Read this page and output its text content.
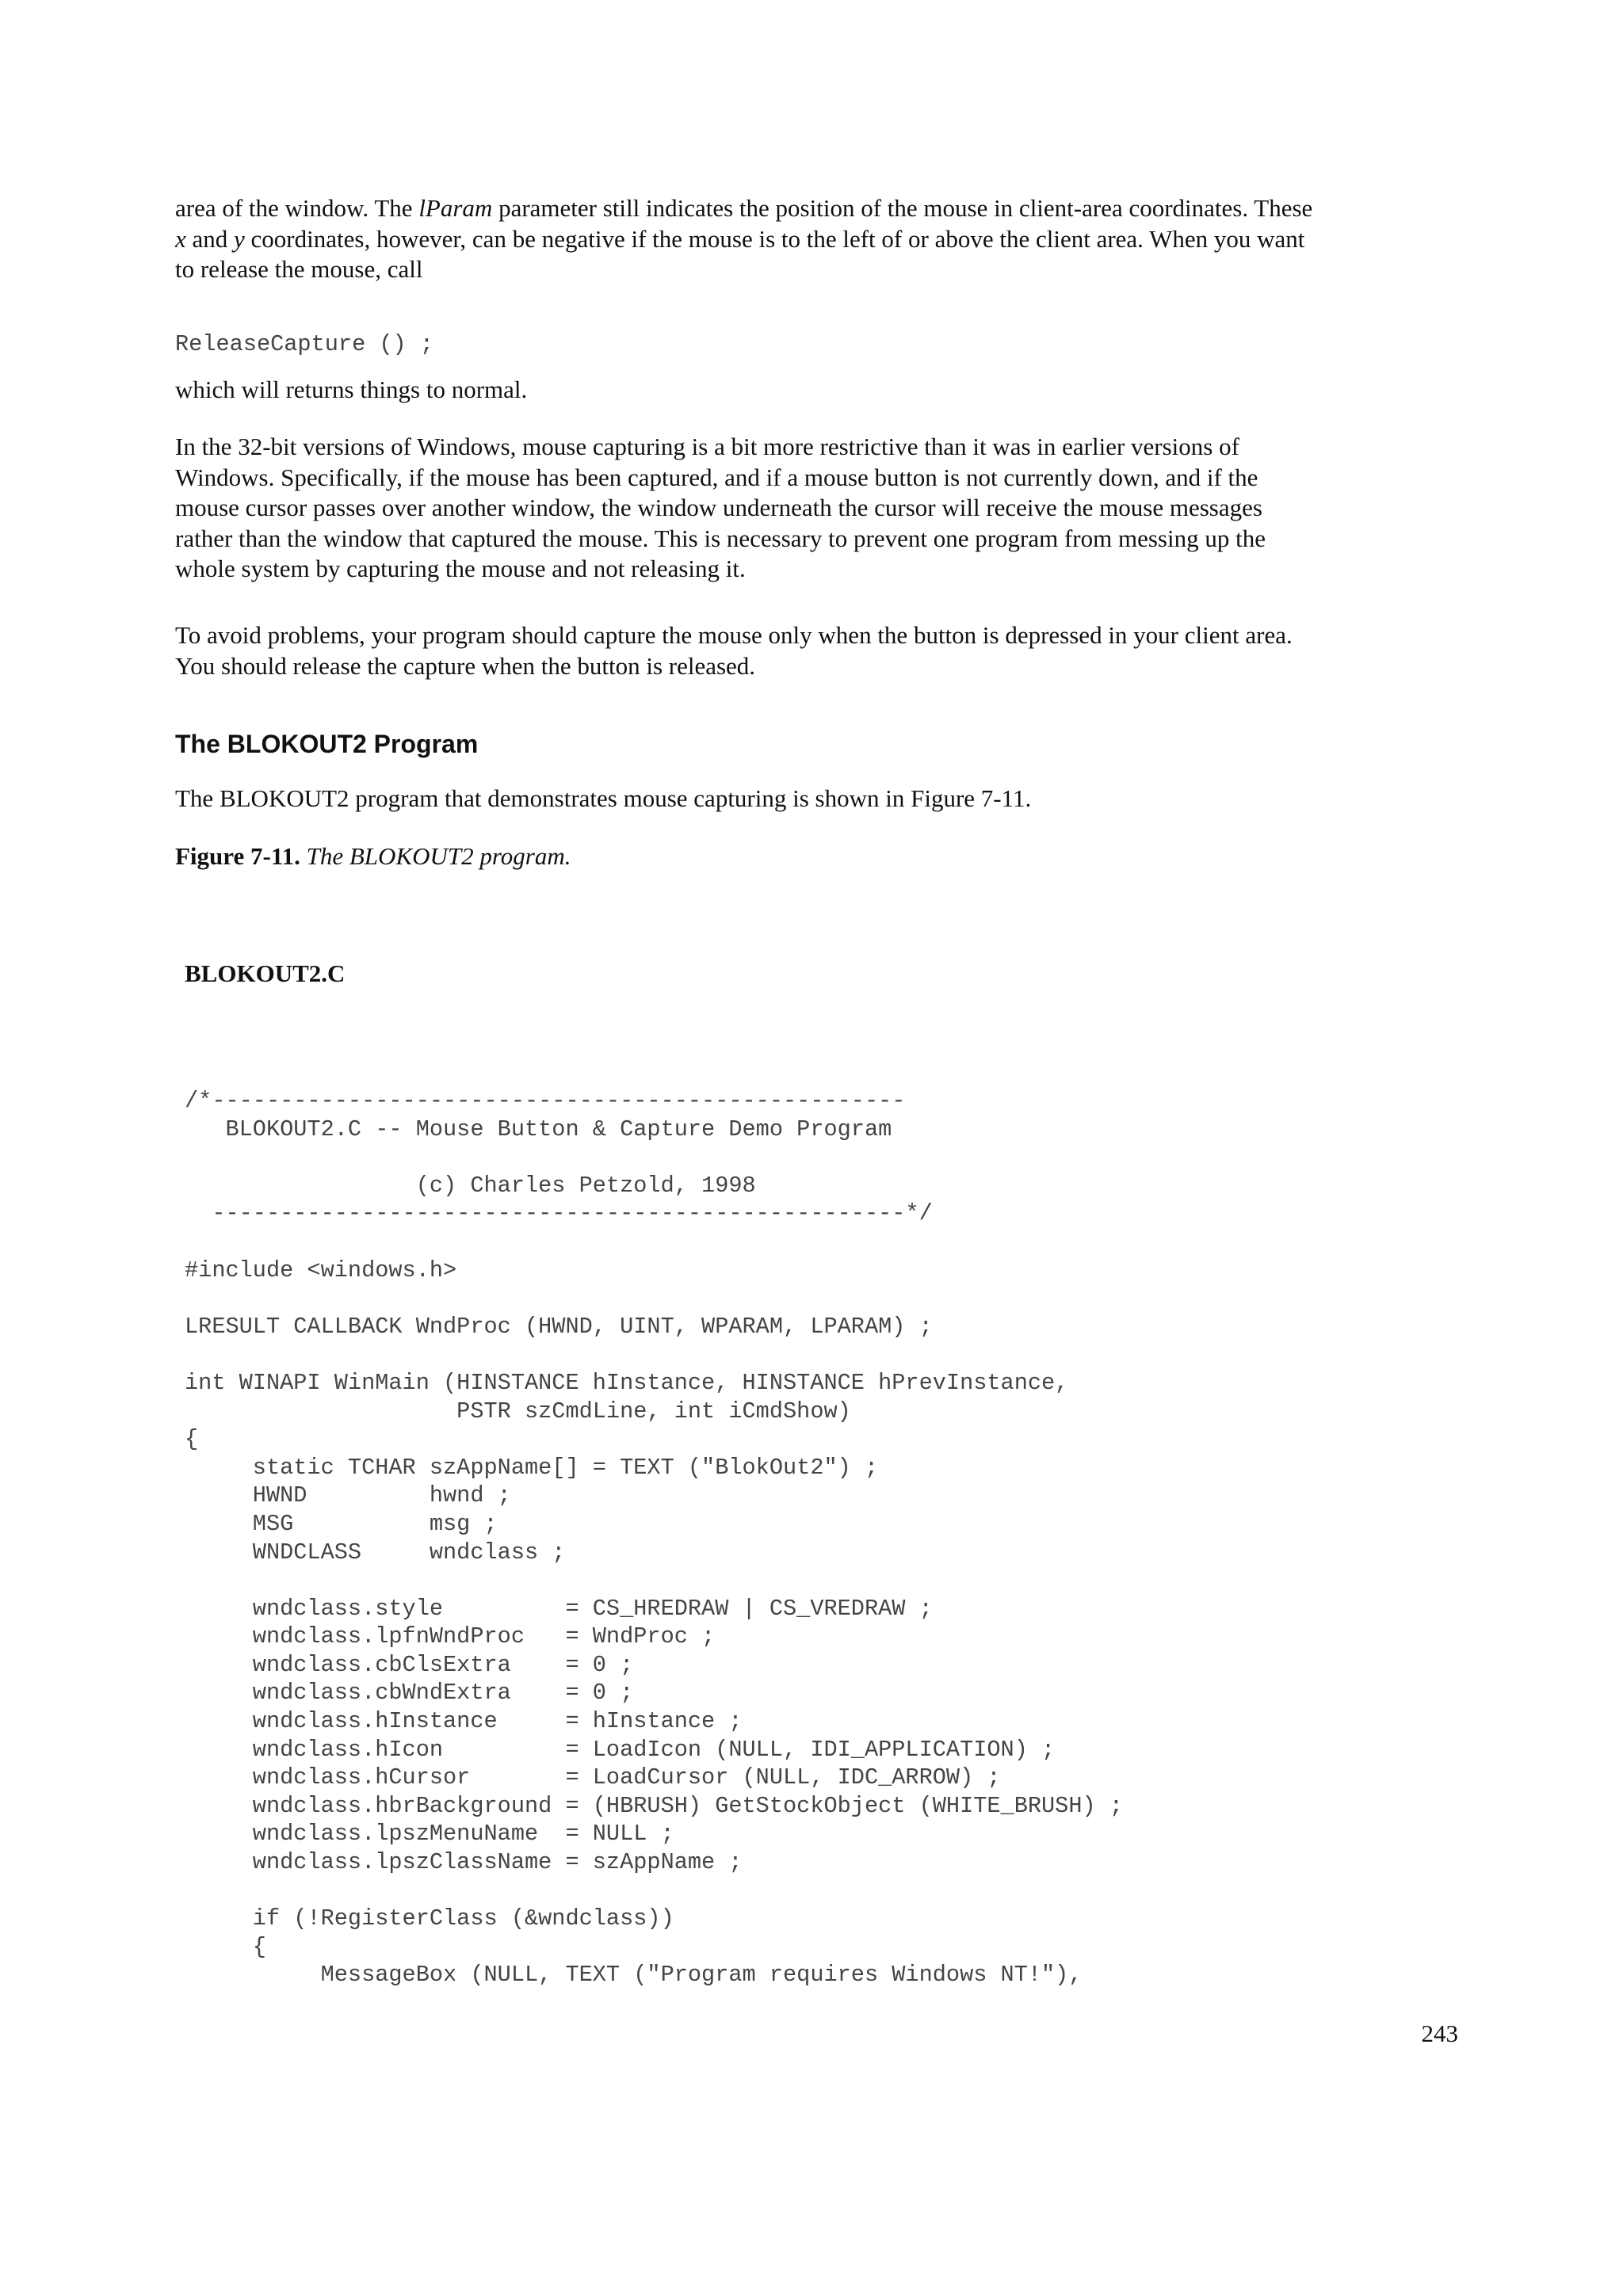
area of the window. The lParam parameter still indicates the position of the mouse in client-area coordinates. These
x and y coordinates, however, can be negative if the mouse is to the left of or above the client area. When you want
to release the mouse, call

ReleaseCapture () ;

which will returns things to normal.

In the 32-bit versions of Windows, mouse capturing is a bit more restrictive than it was in earlier versions of
Windows. Specifically, if the mouse has been captured, and if a mouse button is not currently down, and if the
mouse cursor passes over another window, the window underneath the cursor will receive the mouse messages
rather than the window that captured the mouse. This is necessary to prevent one program from messing up the
whole system by capturing the mouse and not releasing it.

To avoid problems, your program should capture the mouse only when the button is depressed in your client area.
You should release the capture when the button is released.

The BLOKOUT2 Program

The BLOKOUT2 program that demonstrates mouse capturing is shown in Figure 7-11.

Figure 7-11. The BLOKOUT2 program.

BLOKOUT2.C
/*---------------------------------------------------
BLOKOUT2.C -- Mouse Button & Capture Demo Program

(c) Charles Petzold, 1998
---------------------------------------------------*/

#include <windows.h>

LRESULT CALLBACK WndProc (HWND, UINT, WPARAM, LPARAM) ;

int WINAPI WinMain (HINSTANCE hInstance, HINSTANCE hPrevInstance,
PSTR szCmdLine, int iCmdShow)
{
static TCHAR szAppName[] = TEXT ("BlokOut2") ;
HWND         hwnd ;
MSG          msg ;
WNDCLASS     wndclass ;

wndclass.style         = CS_HREDRAW | CS_VREDRAW ;
wndclass.lpfnWndProc   = WndProc ;
wndclass.cbClsExtra    = 0 ;
wndclass.cbWndExtra    = 0 ;
wndclass.hInstance     = hInstance ;
wndclass.hIcon         = LoadIcon (NULL, IDI_APPLICATION) ;
wndclass.hCursor       = LoadCursor (NULL, IDC_ARROW) ;
wndclass.hbrBackground = (HBRUSH) GetStockObject (WHITE_BRUSH) ;
wndclass.lpszMenuName  = NULL ;
wndclass.lpszClassName = szAppName ;

if (!RegisterClass (&wndclass))
{
MessageBox (NULL, TEXT ("Program requires Windows NT!"),

243
